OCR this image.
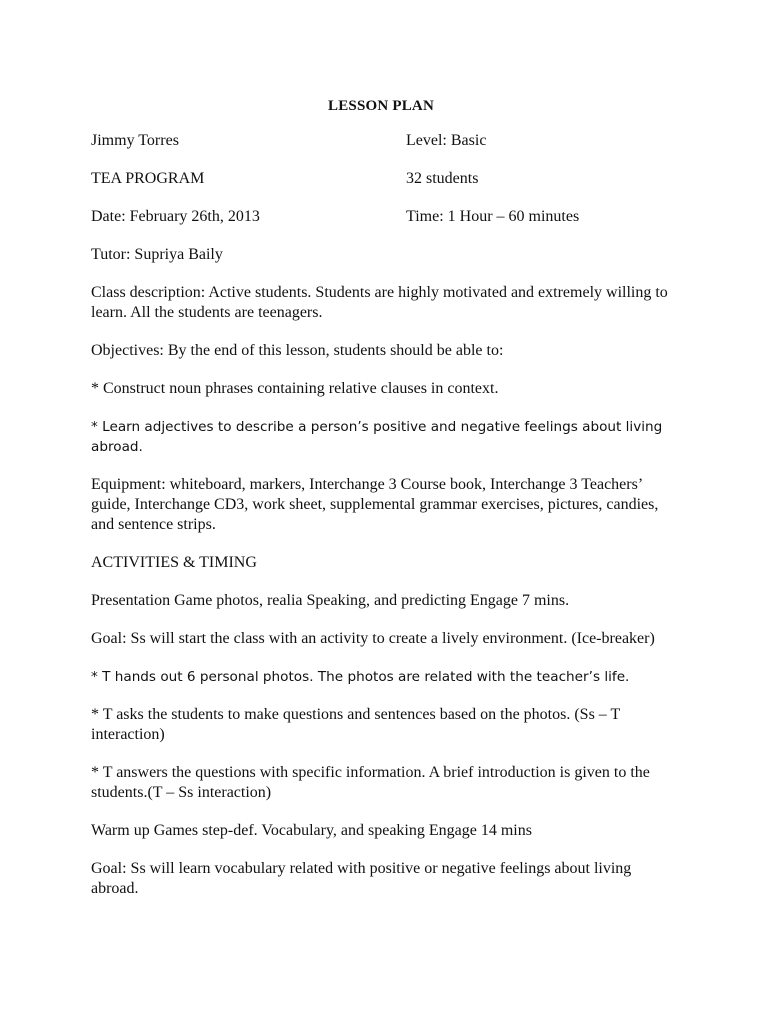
LESSON PLAN
Jimmy Torres	Level: Basic
TEA PROGRAM	32 students
Date: February 26th, 2013	Time: 1 Hour – 60 minutes

Tutor: Supriya Baily

Class description: Active students. Students are highly motivated and extremely willing to learn. All the students are teenagers.

Objectives: By the end of this lesson, students should be able to:

* Construct noun phrases containing relative clauses in context.

* Learn adjectives to describe a person’s positive and negative feelings about living abroad.

Equipment: whiteboard, markers, Interchange 3 Course book, Interchange 3 Teachers’ guide, Interchange CD3, work sheet, supplemental grammar exercises, pictures, candies, and sentence strips.

ACTIVITIES & TIMING

Presentation Game photos, realia Speaking, and predicting Engage 7 mins.

Goal: Ss will start the class with an activity to create a lively environment. (Ice-breaker)

* T hands out 6 personal photos. The photos are related with the teacher’s life.

* T asks the students to make questions and sentences based on the photos. (Ss – T interaction)

* T answers the questions with specific information. A brief introduction is given to the students.(T – Ss interaction)

Warm up Games step-def. Vocabulary, and speaking Engage 14 mins

Goal: Ss will learn vocabulary related with positive or negative feelings about living abroad.
